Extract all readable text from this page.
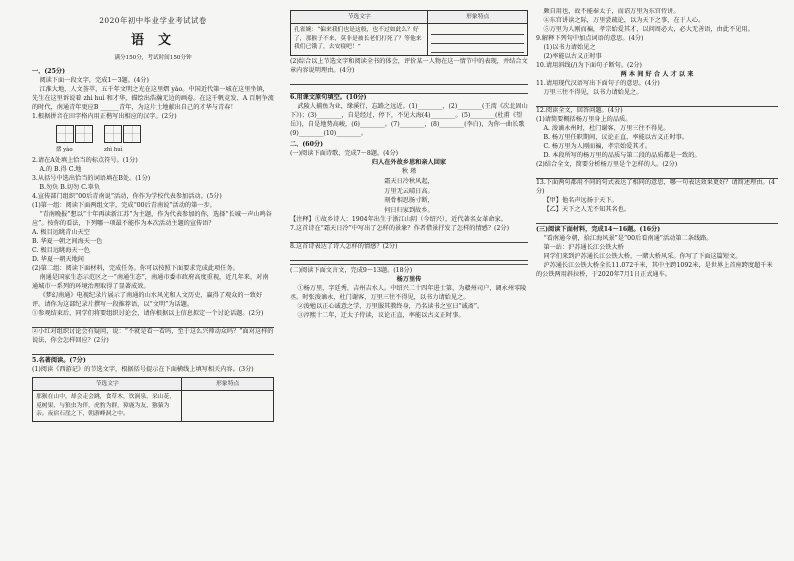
2020年初中毕业学业考试试卷
语文
满分150分，考试时间150分钟

一、(25分)

阅读下面一段文字，完成1～3题。(4分)

江淮大地，人文荟萃，五千年文明之光在这里熠 yào。中国近代第一城在这里坐镇，先生在这里诉说着 zhì huì 和才华，描绘出浩瀚无边的画卷。在这千帆竞发、A 百舸争流的时代，南通青年更应B ______青年，为这片土地献出自己的才华与青春！

1.根据拼音在田字格内用正楷写出相应的汉字。(2分)

熠 yào	zhì huì

2.请在A处填上恰当的标点符号。(1分)

A.的 B.得 C.地

3.从括号中选出恰当的词语填在B处。(1分)

B.勿负 B.切勿 C.辜负

4.宣传部门组织“00后青南说”活动，你作为学校代表参加活动。(5分)

(1)第一组：阅读下面两组文字，完成“00后青南说”活动的第一步。

“青南晚报”想以“十年再读新江苏”为主题，作为代表参加的你，选择“长城一声山鸣谷应”。按你的看法，下列哪一项最不能作为本次活动主题的宣传语？

A. 极目远眺青山天空

B. 华夏一朝之间海天一色

C. 极目远眺海天一色

D. 华夏一朝天地间

(2)第二组：阅读下面材料，完成任务。你可以按照下面要求完成此项任务。

南通是国家生态示范区之一“南通生态”，南通市委市政府高度重视，近几年来，对南通城市一系列的环境治理取得了显著成效。

《梦幻南通》电视纪录片展示了南通的山水风光和人文历史，赢得了观众的一致好评。请你为这部纪录片撰写一段推荐语，以“文明”为话题。

①参观结束后，同学们将要组织讨论会，请你根据以上信息拟定一个讨论话题。(2分)

②小红对组织讨论会有疑问，说：“不就是看一看吗，至于这么兴师动众吗？”面对这样的说法，你会怎样回应？(2分)

5.名著阅读。(7分)

(1)阅读《西游记》的节选文字，根据括号提示在下面横线上填写相关内容。(3分)

节选文字	形象特点
那猴在山中，却会走会跳，食草木，饮涧泉，采山花，觅树果，与狼虫为伴，虎豹为群，獐鹿为友，猕猿为亲。夜宿石崖之下，朝游峰洞之中。	
节选文字	形象特点
孔雀婉：“偏来我们也是这般，也不过如此么？好了，那猴子不来，莫非是被长老们打死了？等他来我们已饿了，去安寝吧！”	

(2)综合以上节选文字和阅读全书的体会，评价某一人物在这一情节中的表现，并结合文章内容说明理由。(4分)

6.用课文原句填空。(10分)

武陵人捕鱼为业，缘溪行，忘路之远近。(1)________，(2)________(王湾《次北固山下》)；(3)________，自是经过，停下，不见大海(4)________。(5)________(杜甫《望岳》)，自是地势高峻，(6)________。(7)________，(8)________(李白)，为你一曲长歌(9)________(10)________。

二、(60分)

(一)阅读下面诗歌，完成7～8题。(4分)

归人在外故乡思和亲人回家

秋 瑾

霜天日冷秋风起，

万里无云晴日高。

刻骨相思肠寸断，

何日归家到故乡。

【注释】①故乡诗人：1904年出生于浙江山阴（今绍兴），近代著名女革命家。

7.这首诗在“霜天日冷”中写出了怎样的景象？作者借景抒发了怎样的情感？(2分)

8.这首诗表达了诗人怎样的情感？(2分)

(二)阅读下面文言文，完成9～13题。(18分)

杨万里传

①杨万里，字廷秀，吉州吉水人。中绍兴二十四年进士第，为赣州司户，调永州零陵丞。时张浚谪永，杜门谢客，万里三往不得见，以书力请始见之。

②浚勉以正心诚意之学，万里服其教终身，乃名读书之室曰“诚斋”。

③淳熙十二年，迁太子侍读，议论正直，率能以古义正时事。

颇自用也，故不能奉太子，而诏万里为东宫侍讲。

④东宫讲读之际，万里尝疏论，以为天下之事，在于人心。

⑤万里为人刚而褊，孝宗始爱其才，以问周必大，必大无善语，由此不见用。

9.解释下列句中加点词语的意思。(4分)

(1)以书力请始见之

(2)率能以古义正时事

10.请用斜线(/)为下面句子断句。(2分)

两 本 间 好 合 人 才 以 来

11.请用现代汉语写出下面句子的意思。(4分)

万里三往不得见，以书力请始见之。

12.阅读全文，回答问题。(4分)

(1)请简要概括杨万里身上的品质。

A. 浚谪永州时，杜门谢客，万里三往不得见。

B. 杨万里任职期间，议论正直，率能以古义正时事。

C. 杨万里为人刚而褊，孝宗始爱其才。

D. 本段所写的杨万里的品质与第二段的品质都是一致的。

(2)结合全文，简要分析杨万里是个怎样的人。(2分)

13.下面两句都用不同的句式表达了相同的意思，哪一句表达效果更好？请简述理由。(4分)

【甲】他名声远扬于天下。

【乙】天下之人无不知其名也。

(三)阅读下面材料，完成14～16题。(16分)

“看南通今朝，拾江海风景”是“00后看南通”活动第二条线路。

第一站：沪苏通长江公铁大桥

同学们来到沪苏通长江公铁大桥，一睹大桥风采。你写了下面这篇短文。

沪苏通长江公铁大桥全长11.072千米，其中主跨1092米，是世界上首座跨度超千米的公铁两用斜拉桥，于2020年7月1日正式通车。
